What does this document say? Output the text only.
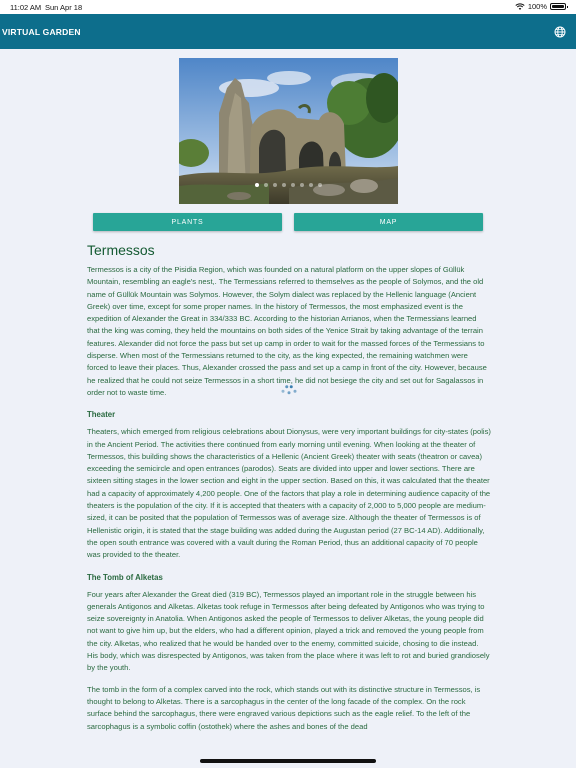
11:02 AM Sun Apr 18	100%
VIRTUAL GARDEN
PLANTS	MAP
Termessos

Termessos is a city of the Pisidia Region, which was founded on a natural platform on the upper slopes of Güllük Mountain, resembling an eagle's nest,. The Termessians referred to themselves as the people of Solymos, and the old name of Güllük Mountain was Solymos. However, the Solym dialect was replaced by the Hellenic language (Ancient Greek) over time, except for some proper names. In the history of Termessos, the most emphasized event is the expedition of Alexander the Great in 334/333 BC. According to the historian Arrianos, when the Termessians learned that the king was coming, they held the mountains on both sides of the Yenice Strait by taking advantage of the terrain features. Alexander did not force the pass but set up camp in order to wait for the massed forces of the Termessians to disperse. When most of the Termessians returned to the city, as the king expected, the remaining watchmen were forced to leave their places. Thus, Alexander crossed the pass and set up a camp in front of the city. However, because he realized that he could not seize Termessos in a short time, he did not besiege the city and set out for Sagalassos in order not to waste time.

Theater

Theaters, which emerged from religious celebrations about Dionysus, were very important buildings for city-states (polis) in the Ancient Period. The activities there continued from early morning until evening. When looking at the theater of Termessos, this building shows the characteristics of a Hellenic (Ancient Greek) theater with seats (theatron or cavea) exceeding the semicircle and open entrances (parodos). Seats are divided into upper and lower sections. There are sixteen sitting stages in the lower section and eight in the upper section. Based on this, it was calculated that the theater had a capacity of approximately 4,200 people. One of the factors that play a role in determining audience capacity of the theaters is the population of the city. If it is accepted that theaters with a capacity of 2,000 to 5,000 people are medium-sized, it can be posited that the population of Termessos was of average size. Although the theater of Termessos is of Hellenistic origin, it is stated that the stage building was added during the Augustan period (27 BC-14 AD). Additionally, the open south entrance was covered with a vault during the Roman Period, thus an additional capacity of 70 people was provided to the theater.

The Tomb of Alketas

Four years after Alexander the Great died (319 BC), Termessos played an important role in the struggle between his generals Antigonos and Alketas. Alketas took refuge in Termessos after being defeated by Antigonos who was trying to seize sovereignty in Anatolia. When Antigonos asked the people of Termessos to deliver Alketas, the young people did not want to give him up, but the elders, who had a different opinion, played a trick and removed the young people from the city. Alketas, who realized that he would be handed over to the enemy, committed suicide, chosing to die instead. His body, which was disrespected by Antigonos, was taken from the place where it was left to rot and buried grandiosely by the youth.

The tomb in the form of a complex carved into the rock, which stands out with its distinctive structure in Termessos, is thought to belong to Alketas. There is a sarcophagus in the center of the long facade of the complex. On the rock surface behind the sarcophagus, there were engraved various depictions such as the eagle relief. To the left of the sarcophagus is a symbolic coffin (ostothek) where the ashes and bones of the dead
